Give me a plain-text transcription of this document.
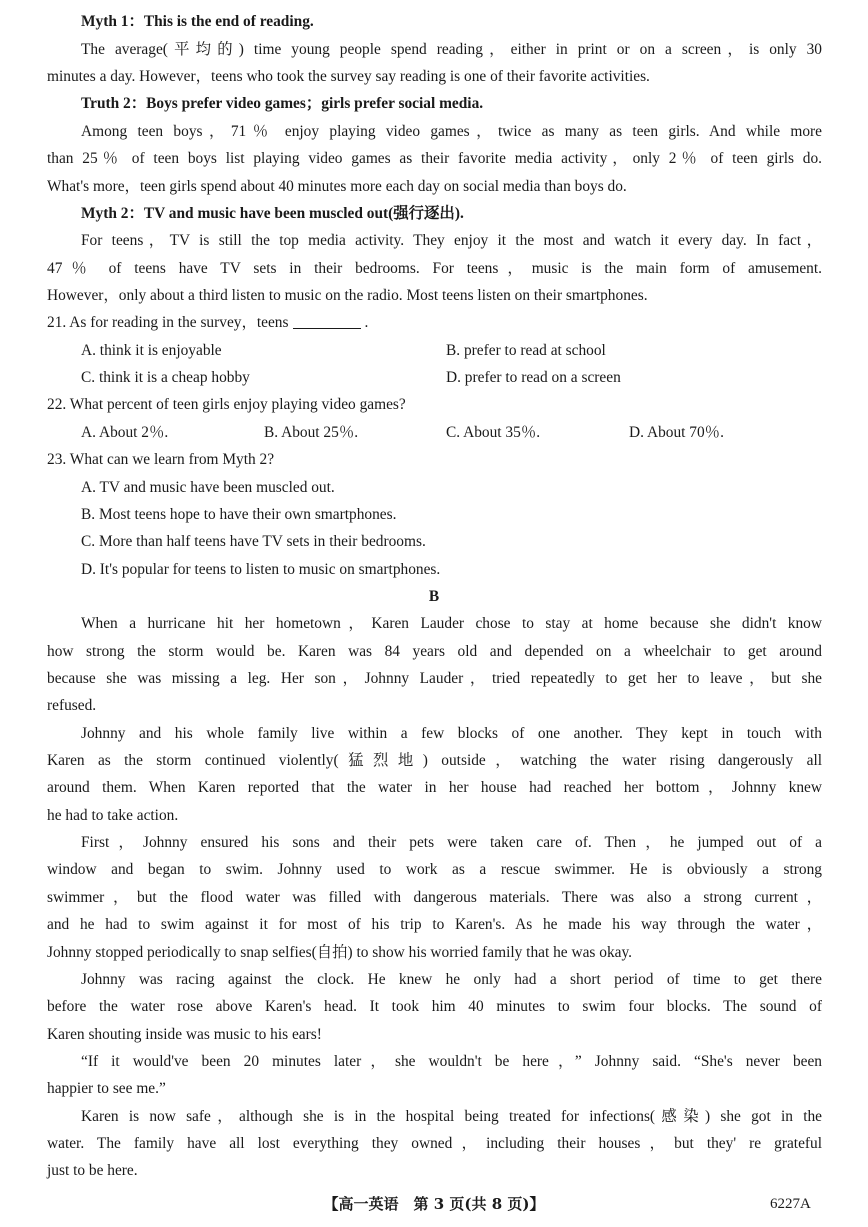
Myth 1：This is the end of reading.
The average(平均的) time young people spend reading，either in print or on a screen，is only 30
minutes a day. However，teens who took the survey say reading is one of their favorite activities.
Truth 2：Boys prefer video games；girls prefer social media.
Among teen boys，71％ enjoy playing video games，twice as many as teen girls. And while more
than 25％ of teen boys list playing video games as their favorite media activity，only 2％ of teen girls do.
What's more，teen girls spend about 40 minutes more each day on social media than boys do.
Myth 2：TV and music have been muscled out(强行逐出).
For teens，TV is still the top media activity. They enjoy it the most and watch it every day. In fact，
47％ of teens have TV sets in their bedrooms. For teens，music is the main form of amusement.
However，only about a third listen to music on the radio. Most teens listen on their smartphones.
21. As for reading in the survey，teens	.
A. think it is enjoyable	B. prefer to read at school
C. think it is a cheap hobby	D. prefer to read on a screen
22. What percent of teen girls enjoy playing video games?
A. About 2％.	B. About 25％.	C. About 35％.	D. About 70％.
23. What can we learn from Myth 2?
A. TV and music have been muscled out.
B. Most teens hope to have their own smartphones.
C. More than half teens have TV sets in their bedrooms.
D. It's popular for teens to listen to music on smartphones.
B
When a hurricane hit her hometown，Karen Lauder chose to stay at home because she didn't know
how strong the storm would be. Karen was 84 years old and depended on a wheelchair to get around
because she was missing a leg. Her son，Johnny Lauder，tried repeatedly to get her to leave，but she
refused.
Johnny and his whole family live within a few blocks of one another. They kept in touch with
Karen as the storm continued violently(猛烈地) outside，watching the water rising dangerously all
around them. When Karen reported that the water in her house had reached her bottom，Johnny knew
he had to take action.
First，Johnny ensured his sons and their pets were taken care of. Then，he jumped out of a
window and began to swim. Johnny used to work as a rescue swimmer. He is obviously a strong
swimmer，but the flood water was filled with dangerous materials. There was also a strong current，
and he had to swim against it for most of his trip to Karen's. As he made his way through the water，
Johnny stopped periodically to snap selfies(自拍) to show his worried family that he was okay.
Johnny was racing against the clock. He knew he only had a short period of time to get there
before the water rose above Karen's head. It took him 40 minutes to swim four blocks. The sound of
Karen shouting inside was music to his ears!
“If it would've been 20 minutes later，she wouldn't be here，” Johnny said. “She's never been
happier to see me.”
Karen is now safe，although she is in the hospital being treated for infections(感染) she got in the
water. The family have all lost everything they owned，including their houses，but they' re grateful
just to be here.
【高一英语　第 3 页(共 8 页)】	6227A
